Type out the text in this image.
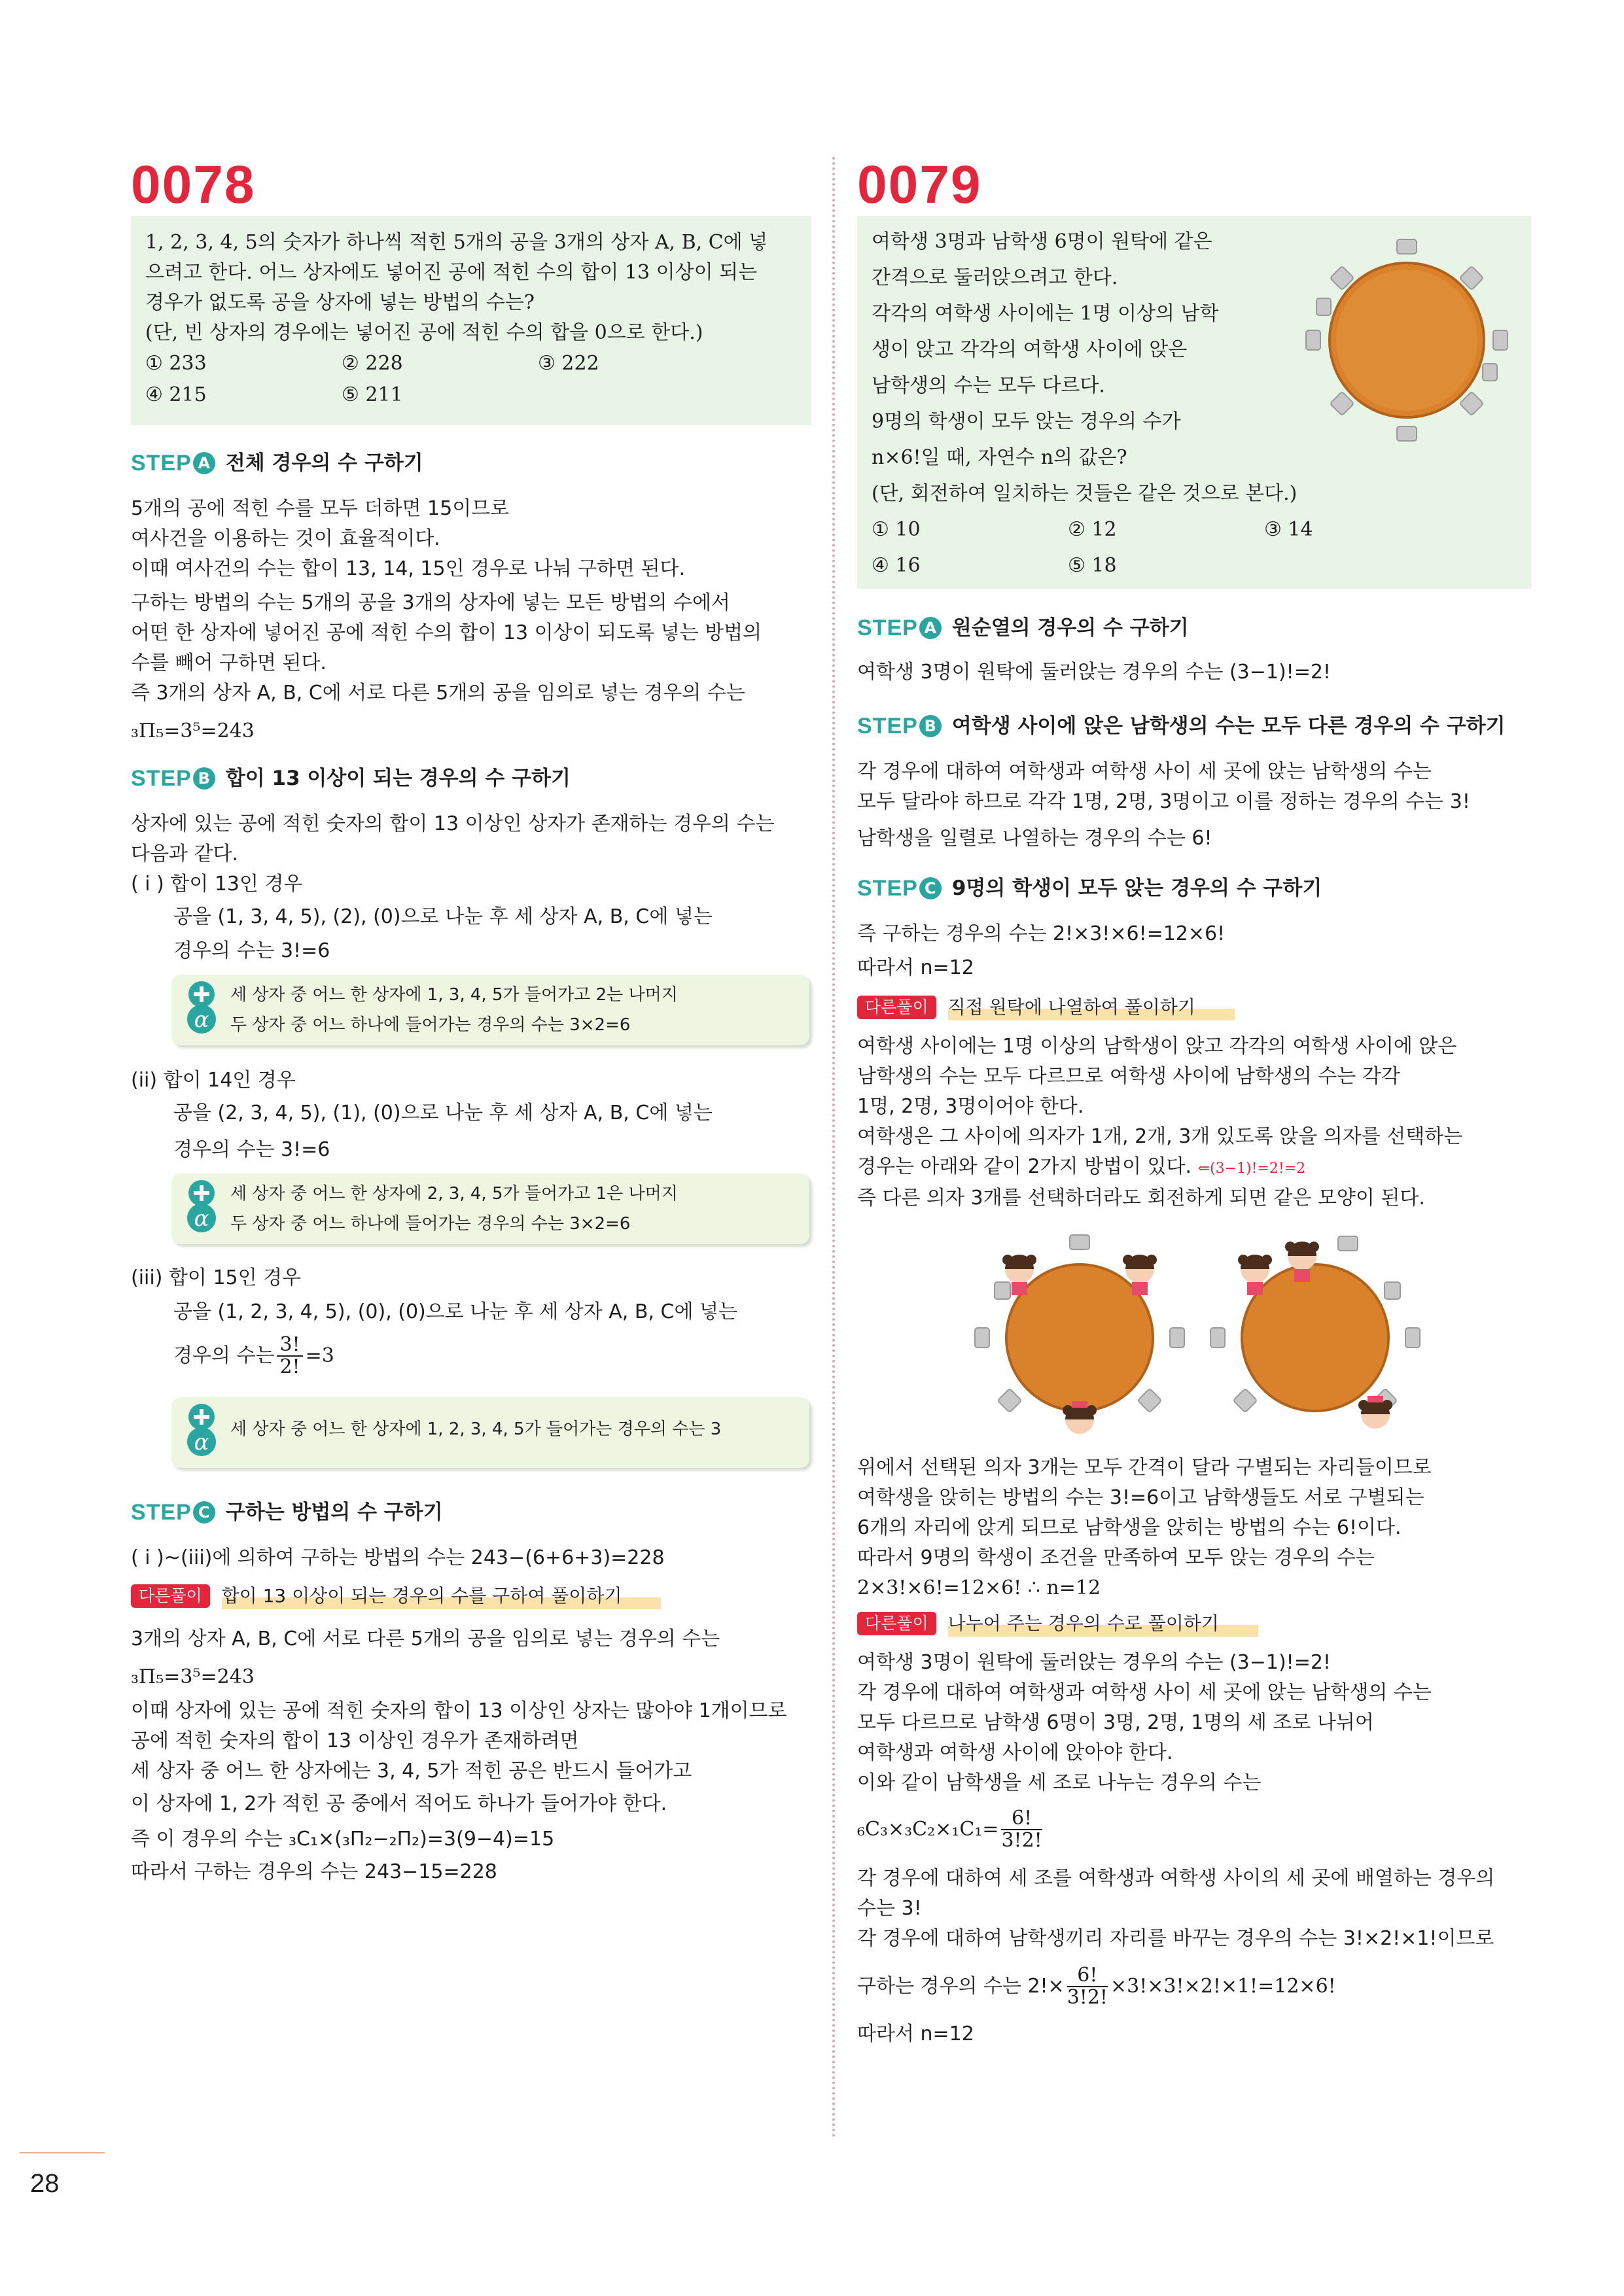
0078
1, 2, 3, 4, 5의 숫자가 하나씩 적힌 5개의 공을 3개의 상자 A, B, C에 넣
으려고 한다. 어느 상자에도 넣어진 공에 적힌 수의 합이 13 이상이 되는
경우가 없도록 공을 상자에 넣는 방법의 수는?
(단, 빈 상자의 경우에는 넣어진 공에 적힌 수의 합을 0으로 한다.)
① 233	② 228	③ 222
④ 215	⑤ 211
STEP A 전체 경우의 수 구하기
5개의 공에 적힌 수를 모두 더하면 15이므로
여사건을 이용하는 것이 효율적이다.
이때 여사건의 수는 합이 13, 14, 15인 경우로 나눠 구하면 된다.
구하는 방법의 수는 5개의 공을 3개의 상자에 넣는 모든 방법의 수에서
어떤 한 상자에 넣어진 공에 적힌 수의 합이 13 이상이 되도록 넣는 방법의
수를 빼어 구하면 된다.
즉 3개의 상자 A, B, C에 서로 다른 5개의 공을 임의로 넣는 경우의 수는
₃Π₅=3⁵=243
STEP B 합이 13 이상이 되는 경우의 수 구하기
상자에 있는 공에 적힌 숫자의 합이 13 이상인 상자가 존재하는 경우의 수는
다음과 같다.
( i ) 합이 13인 경우
공을 (1, 3, 4, 5), (2), (0)으로 나눈 후 세 상자 A, B, C에 넣는
경우의 수는 3!=6
α
세 상자 중 어느 한 상자에 1, 3, 4, 5가 들어가고 2는 나머지
두 상자 중 어느 하나에 들어가는 경우의 수는 3×2=6
(ii) 합이 14인 경우
공을 (2, 3, 4, 5), (1), (0)으로 나눈 후 세 상자 A, B, C에 넣는
경우의 수는 3!=6
α
세 상자 중 어느 한 상자에 2, 3, 4, 5가 들어가고 1은 나머지
두 상자 중 어느 하나에 들어가는 경우의 수는 3×2=6
(iii) 합이 15인 경우
공을 (1, 2, 3, 4, 5), (0), (0)으로 나눈 후 세 상자 A, B, C에 넣는
경우의 수는 $\frac{3!}{2!} =3$
α 세 상자 중 어느 한 상자에 1, 2, 3, 4, 5가 들어가는 경우의 수는 3
STEP C 구하는 방법의 수 구하기
( i )~(iii)에 의하여 구하는 방법의 수는 243−(6+6+3)=228
다른풀이	합이 13 이상이 되는 경우의 수를 구하여 풀이하기
3개의 상자 A, B, C에 서로 다른 5개의 공을 임의로 넣는 경우의 수는
₃Π₅=3⁵=243
이때 상자에 있는 공에 적힌 숫자의 합이 13 이상인 상자는 많아야 1개이므로
공에 적힌 숫자의 합이 13 이상인 경우가 존재하려면
세 상자 중 어느 한 상자에는 3, 4, 5가 적힌 공은 반드시 들어가고
이 상자에 1, 2가 적힌 공 중에서 적어도 하나가 들어가야 한다.
즉 이 경우의 수는 ₃C₁×(₃Π₂−₂Π₂)=3(9−4)=15
따라서 구하는 경우의 수는 243−15=228
0079
여학생 3명과 남학생 6명이 원탁에 같은
간격으로 둘러앉으려고 한다.
각각의 여학생 사이에는 1명 이상의 남학
생이 앉고 각각의 여학생 사이에 앉은
남학생의 수는 모두 다르다.
9명의 학생이 모두 앉는 경우의 수가
n×6!일 때, 자연수 n의 값은?
(단, 회전하여 일치하는 것들은 같은 것으로 본다.)
① 10	② 12	③ 14
④ 16	⑤ 18
STEP A 원순열의 경우의 수 구하기
여학생 3명이 원탁에 둘러앉는 경우의 수는 (3−1)!=2!
STEP B 여학생 사이에 앉은 남학생의 수는 모두 다른 경우의 수 구하기
각 경우에 대하여 여학생과 여학생 사이 세 곳에 앉는 남학생의 수는
모두 달라야 하므로 각각 1명, 2명, 3명이고 이를 정하는 경우의 수는 3!
남학생을 일렬로 나열하는 경우의 수는 6!
STEP C 9명의 학생이 모두 앉는 경우의 수 구하기
즉 구하는 경우의 수는 2!×3!×6!=12×6!
따라서 n=12
다른풀이	직접 원탁에 나열하여 풀이하기
여학생 사이에는 1명 이상의 남학생이 앉고 각각의 여학생 사이에 앉은
남학생의 수는 모두 다르므로 여학생 사이에 남학생의 수는 각각
1명, 2명, 3명이어야 한다.
여학생은 그 사이에 의자가 1개, 2개, 3개 있도록 앉을 의자를 선택하는
경우는 아래와 같이 2가지 방법이 있다. ⇐(3−1)!=2!=2
즉 다른 의자 3개를 선택하더라도 회전하게 되면 같은 모양이 된다.
위에서 선택된 의자 3개는 모두 간격이 달라 구별되는 자리들이므로
여학생을 앉히는 방법의 수는 3!=6이고 남학생들도 서로 구별되는
6개의 자리에 앉게 되므로 남학생을 앉히는 방법의 수는 6!이다.
따라서 9명의 학생이 조건을 만족하여 모두 앉는 경우의 수는
2×3!×6!=12×6! ∴ n=12
다른풀이	나누어 주는 경우의 수로 풀이하기
여학생 3명이 원탁에 둘러앉는 경우의 수는 (3−1)!=2!
각 경우에 대하여 여학생과 여학생 사이 세 곳에 앉는 남학생의 수는
모두 다르므로 남학생 6명이 3명, 2명, 1명의 세 조로 나뉘어
여학생과 여학생 사이에 앉아야 한다.
이와 같이 남학생을 세 조로 나누는 경우의 수는
$_6C_3\times_3C_2\times_1C_1= \frac{6!}{3!2!}$
각 경우에 대하여 세 조를 여학생과 여학생 사이의 세 곳에 배열하는 경우의
수는 3!
각 경우에 대하여 남학생끼리 자리를 바꾸는 경우의 수는 3!×2!×1!이므로
구하는 경우의 수는 $2!\times \frac{6!}{3!2!} \times 3!\times 3!\times 2!\times 1!=12\times 6$!
따라서 n=12
28
